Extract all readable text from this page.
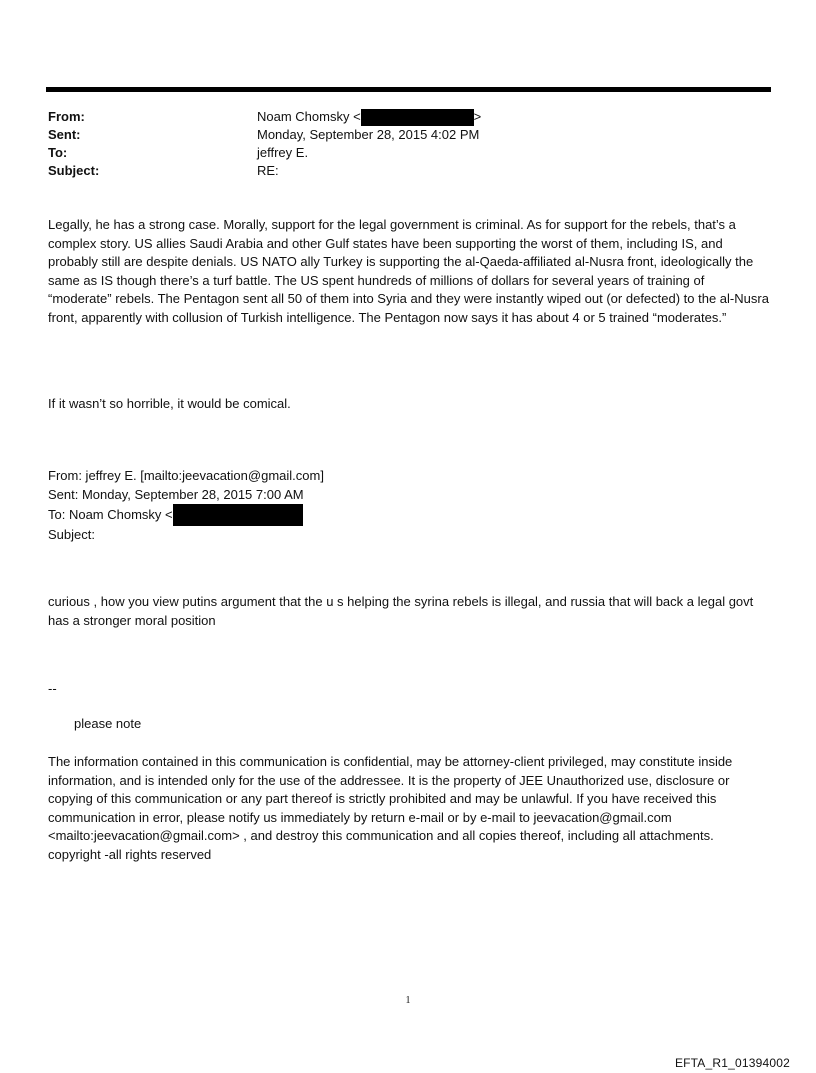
From:	Noam Chomsky <	>
Sent:	Monday, September 28, 2015 4:02 PM
To:	jeffrey E.
Subject:	RE:

Legally, he has a strong case. Morally, support for the legal government is criminal. As for support for the rebels, that’s a complex story. US allies Saudi Arabia and other Gulf states have been supporting the worst of them, including IS, and probably still are despite denials. US NATO ally Turkey is supporting the al-Qaeda-affiliated al-Nusra front, ideologically the same as IS though there’s a turf battle. The US spent hundreds of millions of dollars for several years of training of “moderate” rebels. The Pentagon sent all 50 of them into Syria and they were instantly wiped out (or defected) to the al-Nusra front, apparently with collusion of Turkish intelligence. The Pentagon now says it has about 4 or 5 trained “moderates.”

If it wasn’t so horrible, it would be comical.

From: jeffrey E. [mailto:jeevacation@gmail.com]
Sent: Monday, September 28, 2015 7:00 AM
To: Noam Chomsky <
Subject:

curious , how you view putins argument that the u s helping the syrina rebels is illegal, and russia that will back a legal govt has a stronger moral position

--
please note

The information contained in this communication is confidential, may be attorney-client privileged, may constitute inside information, and is intended only for the use of the addressee. It is the property of JEE Unauthorized use, disclosure or copying of this communication or any part thereof is strictly prohibited and may be unlawful. If you have received this communication in error, please notify us immediately by return e-mail or by e-mail to jeevacation@gmail.com <mailto:jeevacation@gmail.com> , and destroy this communication and all copies thereof, including all attachments. copyright -all rights reserved

1
EFTA_R1_01394002
